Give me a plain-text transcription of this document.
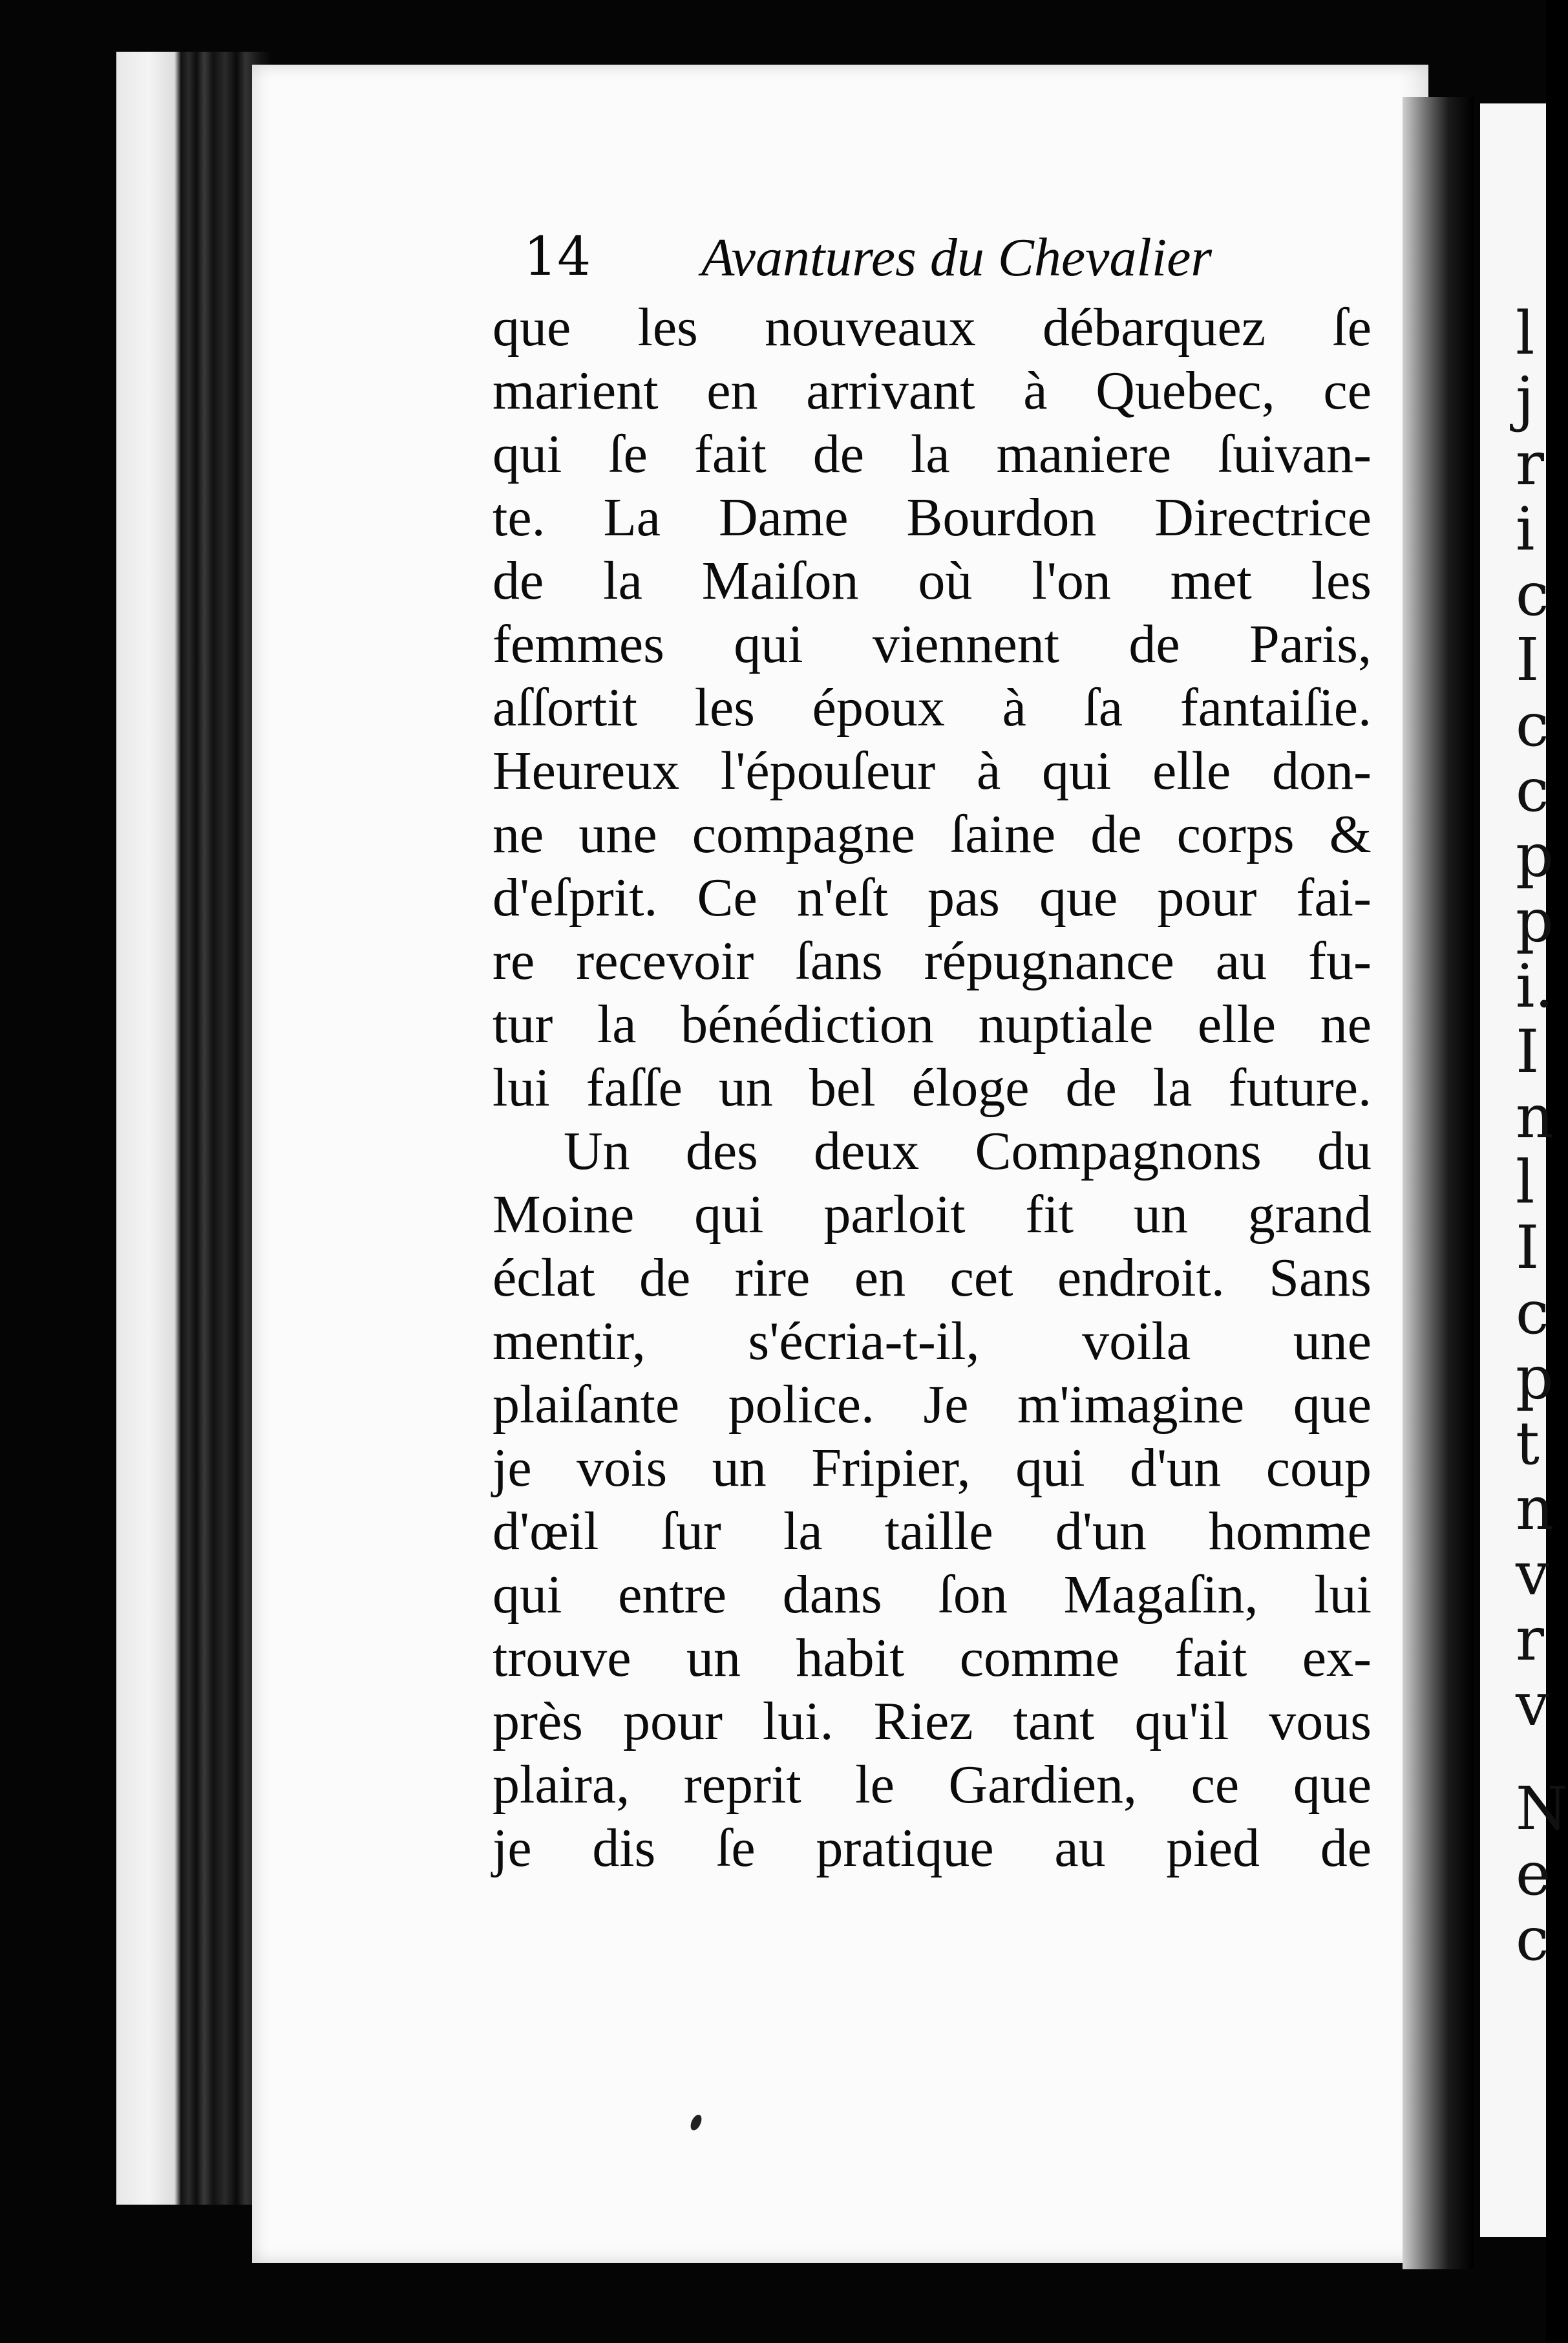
l
j
r
i
c
I
c
c
p
p
i.
I
n
l
I
c
p
t
n
v
r
v
N
e
c
14 Avantures du Chevalier
que les nouveaux débarquez ſe
marient en arrivant à Quebec, ce
qui ſe fait de la maniere ſuivan-
te. La Dame Bourdon Directrice
de la Maiſon où l'on met les
femmes qui viennent de Paris,
aſſortit les époux à ſa fantaiſie.
Heureux l'épouſeur à qui elle don-
ne une compagne ſaine de corps &
d'eſprit. Ce n'eſt pas que pour fai-
re recevoir ſans répugnance au fu-
tur la bénédiction nuptiale elle ne
lui faſſe un bel éloge de la future.
Un des deux Compagnons du
Moine qui parloit fit un grand
éclat de rire en cet endroit. Sans
mentir, s'écria-t-il, voila une
plaiſante police. Je m'imagine que
je vois un Fripier, qui d'un coup
d'œil ſur la taille d'un homme
qui entre dans ſon Magaſin, lui
trouve un habit comme fait ex-
près pour lui. Riez tant qu'il vous
plaira, reprit le Gardien, ce que
je dis ſe pratique au pied de
